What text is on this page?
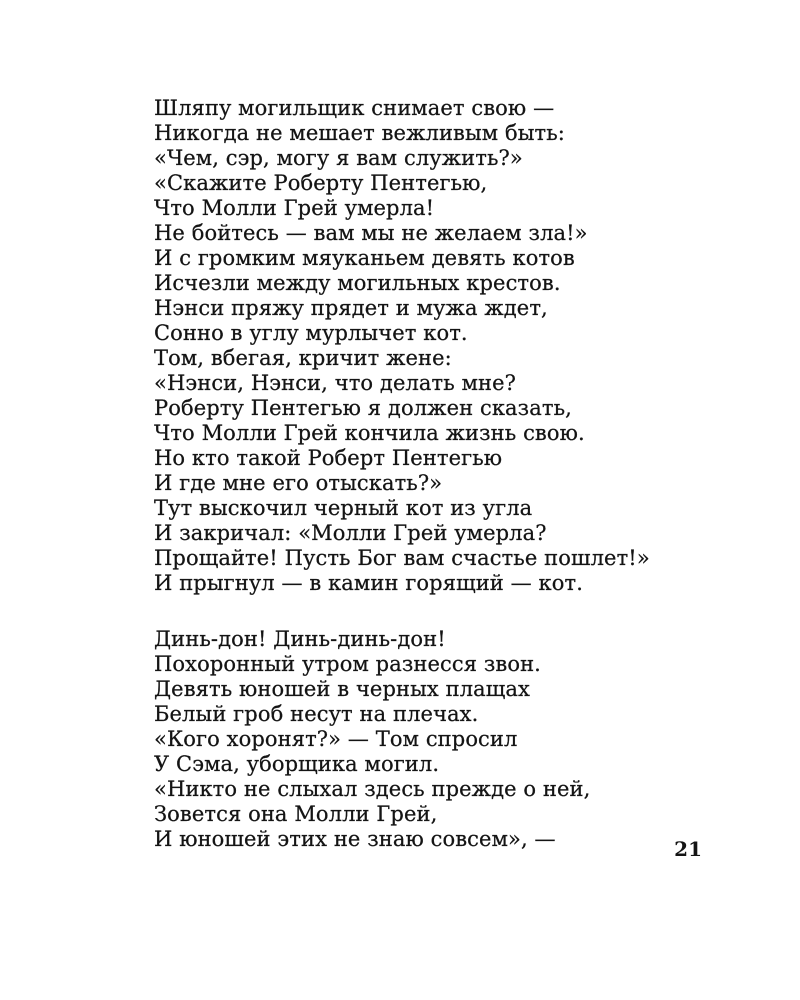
Шляпу могильщик снимает свою —
Никогда не мешает вежливым быть:
«Чем, сэр, могу я вам служить?»
«Скажите Роберту Пентегью,
Что Молли Грей умерла!
Не бойтесь — вам мы не желаем зла!»
И с громким мяуканьем девять котов
Исчезли между могильных крестов.
Нэнси пряжу прядет и мужа ждет,
Сонно в углу мурлычет кот.
Том, вбегая, кричит жене:
«Нэнси, Нэнси, что делать мне?
Роберту Пентегью я должен сказать,
Что Молли Грей кончила жизнь свою.
Но кто такой Роберт Пентегью
И где мне его отыскать?»
Тут выскочил черный кот из угла
И закричал: «Молли Грей умерла?
Прощайте! Пусть Бог вам счастье пошлет!»
И прыгнул — в камин горящий — кот.
Динь-дон! Динь-динь-дон!
Похоронный утром разнесся звон.
Девять юношей в черных плащах
Белый гроб несут на плечах.
«Кого хоронят?» — Том спросил
У Сэма, уборщика могил.
«Никто не слыхал здесь прежде о ней,
Зовется она Молли Грей,
И юношей этих не знаю совсем», —	21
